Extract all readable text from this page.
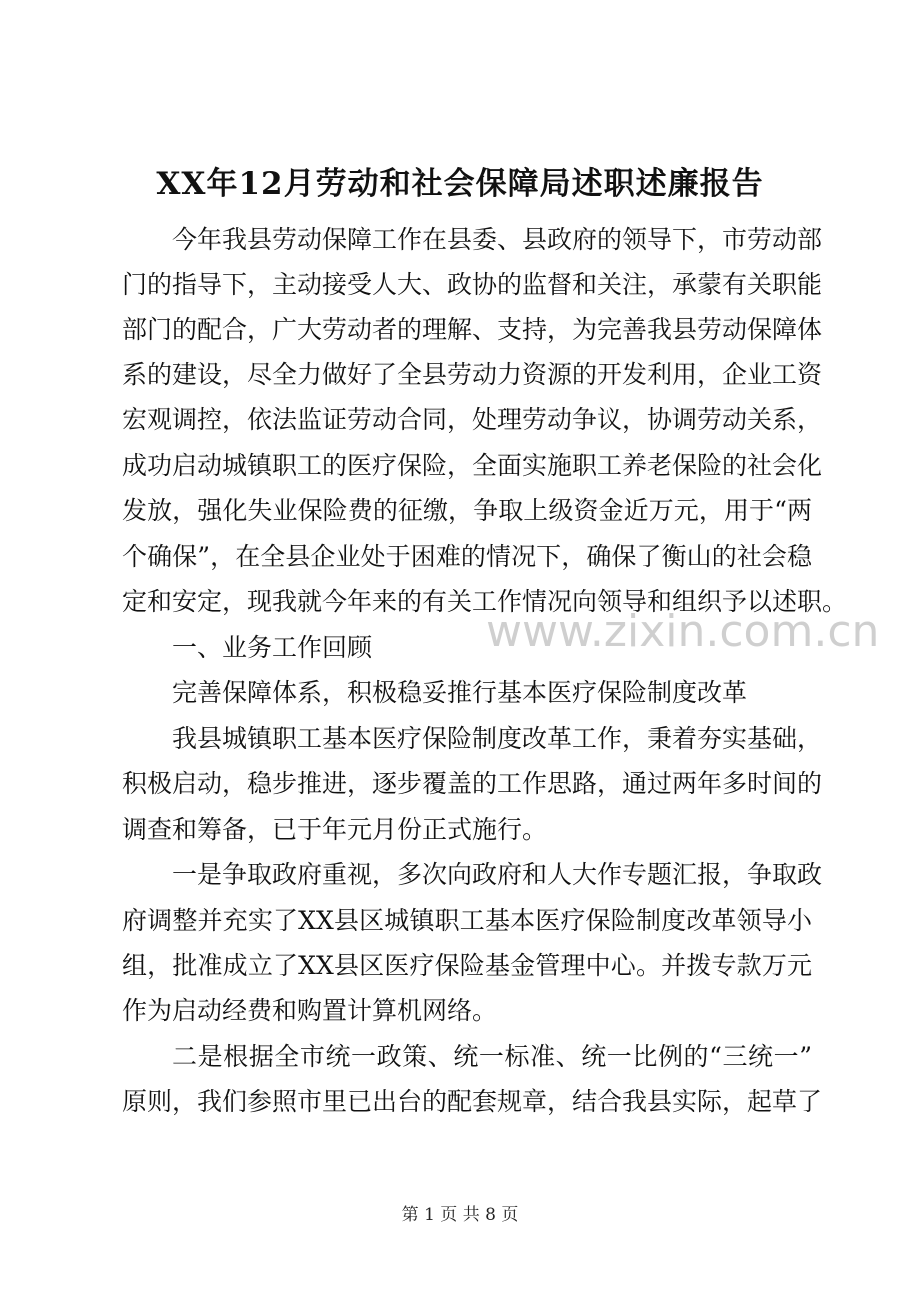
XX年12月劳动和社会保障局述职述廉报告
今年我县劳动保障工作在县委、县政府的领导下，市劳动部
门的指导下，主动接受人大、政协的监督和关注，承蒙有关职能
部门的配合，广大劳动者的理解、支持，为完善我县劳动保障体
系的建设，尽全力做好了全县劳动力资源的开发利用，企业工资
宏观调控，依法监证劳动合同，处理劳动争议，协调劳动关系，
成功启动城镇职工的医疗保险，全面实施职工养老保险的社会化
发放，强化失业保险费的征缴，争取上级资金近万元，用于“两
个确保”，在全县企业处于困难的情况下，确保了衡山的社会稳
定和安定，现我就今年来的有关工作情况向领导和组织予以述职。
一、业务工作回顾
完善保障体系，积极稳妥推行基本医疗保险制度改革
我县城镇职工基本医疗保险制度改革工作，秉着夯实基础，
积极启动，稳步推进，逐步覆盖的工作思路，通过两年多时间的
调查和筹备，已于年元月份正式施行。
一是争取政府重视，多次向政府和人大作专题汇报，争取政
府调整并充实了XX县区城镇职工基本医疗保险制度改革领导小
组，批准成立了XX县区医疗保险基金管理中心。并拨专款万元
作为启动经费和购置计算机网络。
二是根据全市统一政策、统一标准、统一比例的“三统一”
原则，我们参照市里已出台的配套规章，结合我县实际，起草了
www.zixin.com.cn
第 1 页 共 8 页
